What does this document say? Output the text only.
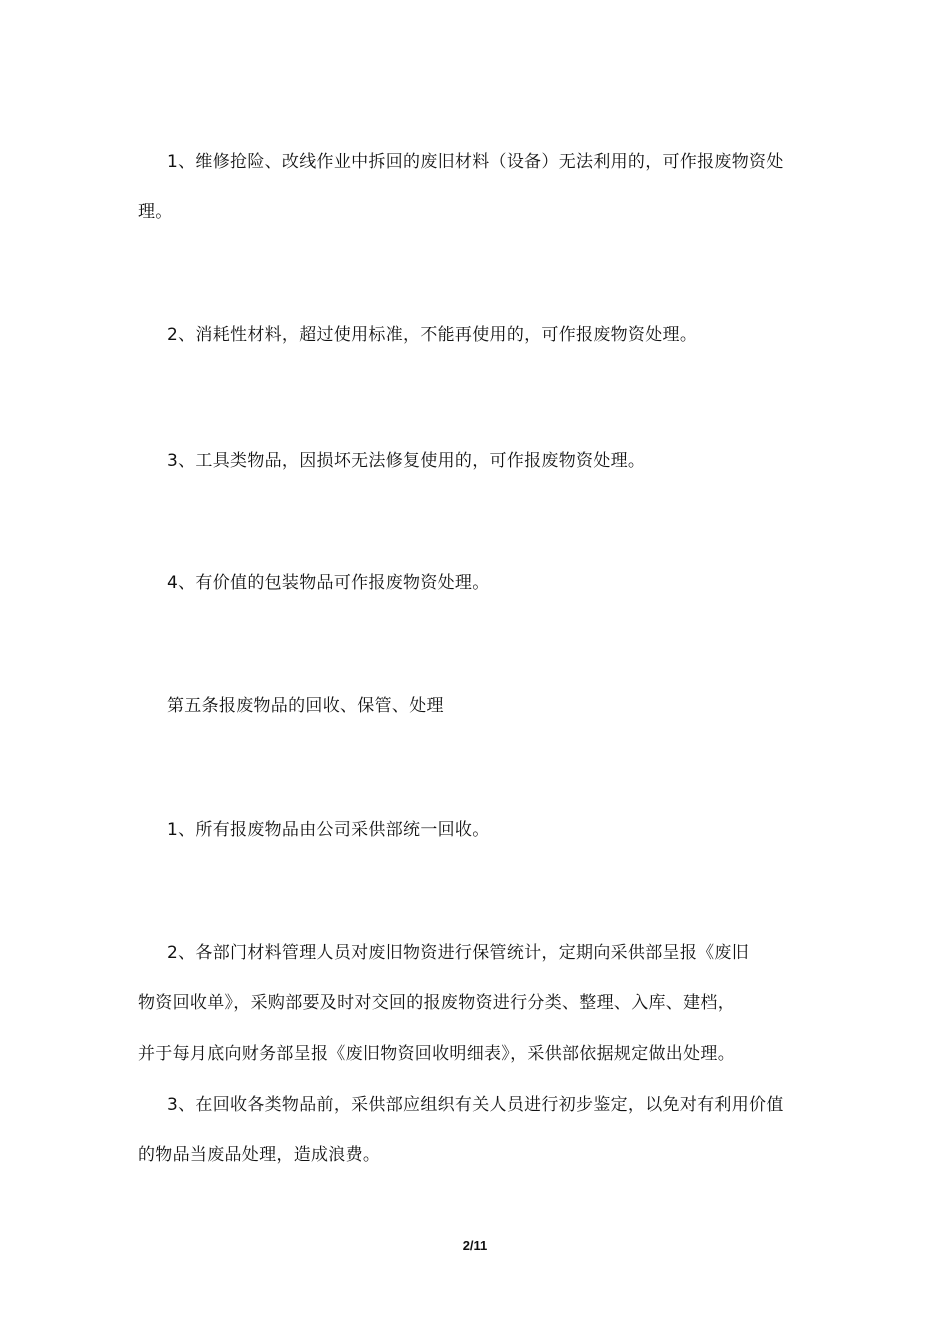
1、维修抢险、改线作业中拆回的废旧材料（设备）无法利用的，可作报废物资处
理。
2、消耗性材料，超过使用标准，不能再使用的，可作报废物资处理。
3、工具类物品，因损坏无法修复使用的，可作报废物资处理。
4、有价值的包装物品可作报废物资处理。
第五条报废物品的回收、保管、处理
1、所有报废物品由公司采供部统一回收。
2、各部门材料管理人员对废旧物资进行保管统计，定期向采供部呈报《废旧
物资回收单》，采购部要及时对交回的报废物资进行分类、整理、入库、建档，
并于每月底向财务部呈报《废旧物资回收明细表》，采供部依据规定做出处理。
3、在回收各类物品前，采供部应组织有关人员进行初步鉴定，以免对有利用价值
的物品当废品处理，造成浪费。
2/11
